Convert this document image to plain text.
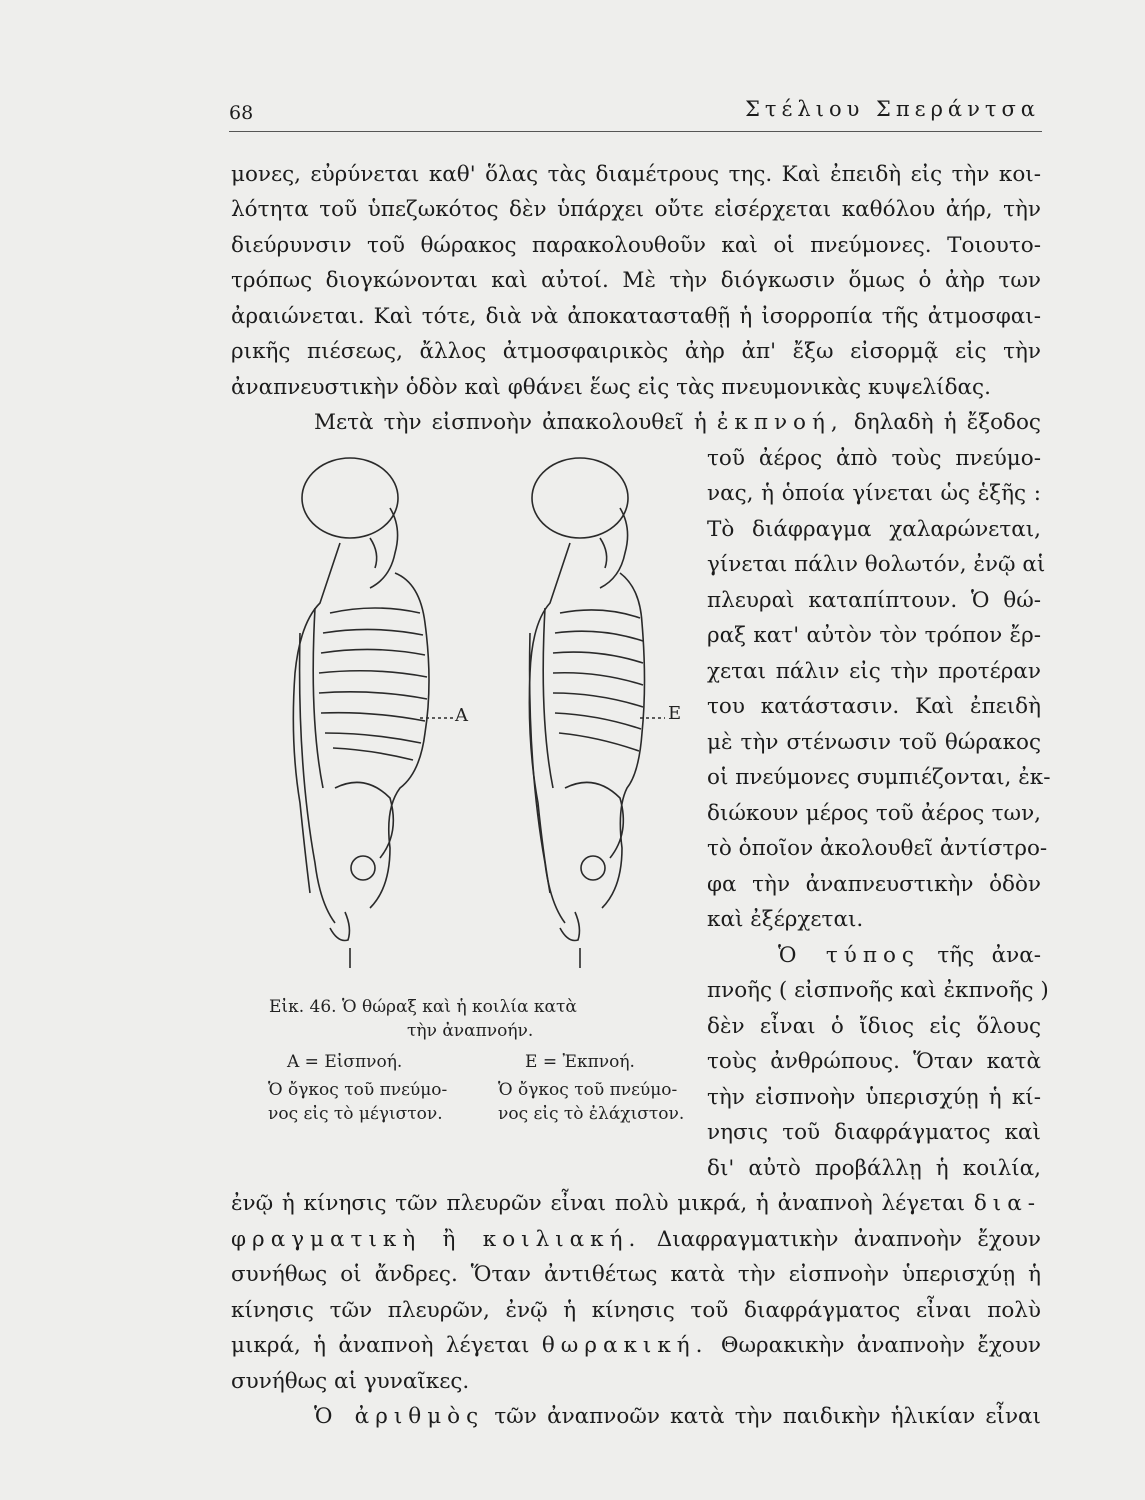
68	Στέλιου Σπεράντσα
μονες, εὐρύνεται καθ' ὅλας τὰς διαμέτρους της. Καὶ ἐπειδὴ εἰς τὴν κοι-
λότητα τοῦ ὑπεζωκότος δὲν ὑπάρχει οὔτε εἰσέρχεται καθόλου ἀήρ, τὴν
διεύρυνσιν τοῦ θώρακος παρακολουθοῦν καὶ οἱ πνεύμονες. Τοιουτο-
τρόπως διογκώνονται καὶ αὐτοί. Μὲ τὴν διόγκωσιν ὅμως ὁ ἀὴρ των
ἀραιώνεται. Καὶ τότε, διὰ νὰ ἀποκατασταθῇ ἡ ἰσορροπία τῆς ἀτμοσφαι-
ρικῆς πιέσεως, ἄλλος ἀτμοσφαιρικὸς ἀὴρ ἀπ' ἔξω εἰσορμᾷ εἰς τὴν
ἀναπνευστικὴν ὁδὸν καὶ φθάνει ἕως εἰς τὰς πνευμονικὰς κυψελίδας.
Μετὰ τὴν εἰσπνοὴν ἀπακολουθεῖ ἡ ἐκπνοή, δηλαδὴ ἡ ἔξοδος
τοῦ ἀέρος ἀπὸ τοὺς πνεύμο-
νας, ἡ ὁποία γίνεται ὡς ἑξῆς :
Τὸ διάφραγμα χαλαρώνεται,
γίνεται πάλιν θολωτόν, ἐνῷ αἱ
πλευραὶ καταπίπτουν. Ὁ θώ-
ραξ κατ' αὐτὸν τὸν τρόπον ἔρ-
χεται πάλιν εἰς τὴν προτέραν
του κατάστασιν. Καὶ ἐπειδὴ
μὲ τὴν στένωσιν τοῦ θώρακος
οἱ πνεύμονες συμπιέζονται, ἐκ-
διώκουν μέρος τοῦ ἀέρος των,
τὸ ὁποῖον ἀκολουθεῖ ἀντίστρο-
φα τὴν ἀναπνευστικὴν ὁδὸν
καὶ ἐξέρχεται.
Ὁ τύπος τῆς ἀνα-
πνοῆς ( εἰσπνοῆς καὶ ἐκπνοῆς )
δὲν εἶναι ὁ ἴδιος εἰς ὅλους
τοὺς ἀνθρώπους. Ὅταν κατὰ
τὴν εἰσπνοὴν ὑπερισχύῃ ἡ κί-
νησις τοῦ διαφράγματος καὶ
δι' αὐτὸ προβάλλῃ ἡ κοιλία,
ἐνῷ ἡ κίνησις τῶν πλευρῶν εἶναι πολὺ μικρά, ἡ ἀναπνοὴ λέγεται δια-
φραγματικὴ ἢ κοιλιακή. Διαφραγματικὴν ἀναπνοὴν ἔχουν
συνήθως οἱ ἄνδρες. Ὅταν ἀντιθέτως κατὰ τὴν εἰσπνοὴν ὑπερισχύῃ ἡ
κίνησις τῶν πλευρῶν, ἐνῷ ἡ κίνησις τοῦ διαφράγματος εἶναι πολὺ
μικρά, ἡ ἀναπνοὴ λέγεται θωρακική. Θωρακικὴν ἀναπνοὴν ἔχουν
συνήθως αἱ γυναῖκες.
Ὁ ἀριθμὸς τῶν ἀναπνοῶν κατὰ τὴν παιδικὴν ἡλικίαν εἶναι
A	E
Εἰκ. 46. Ὁ θώραξ καὶ ἡ κοιλία κατὰ
τὴν ἀναπνοήν.
Α = Εἰσπνοή.	Ε = Ἐκπνοή.
Ὁ ὄγκος τοῦ πνεύμο-
νος εἰς τὸ μέγιστον.
Ὁ ὄγκος τοῦ πνεύμο-
νος εἰς τὸ ἐλάχιστον.
